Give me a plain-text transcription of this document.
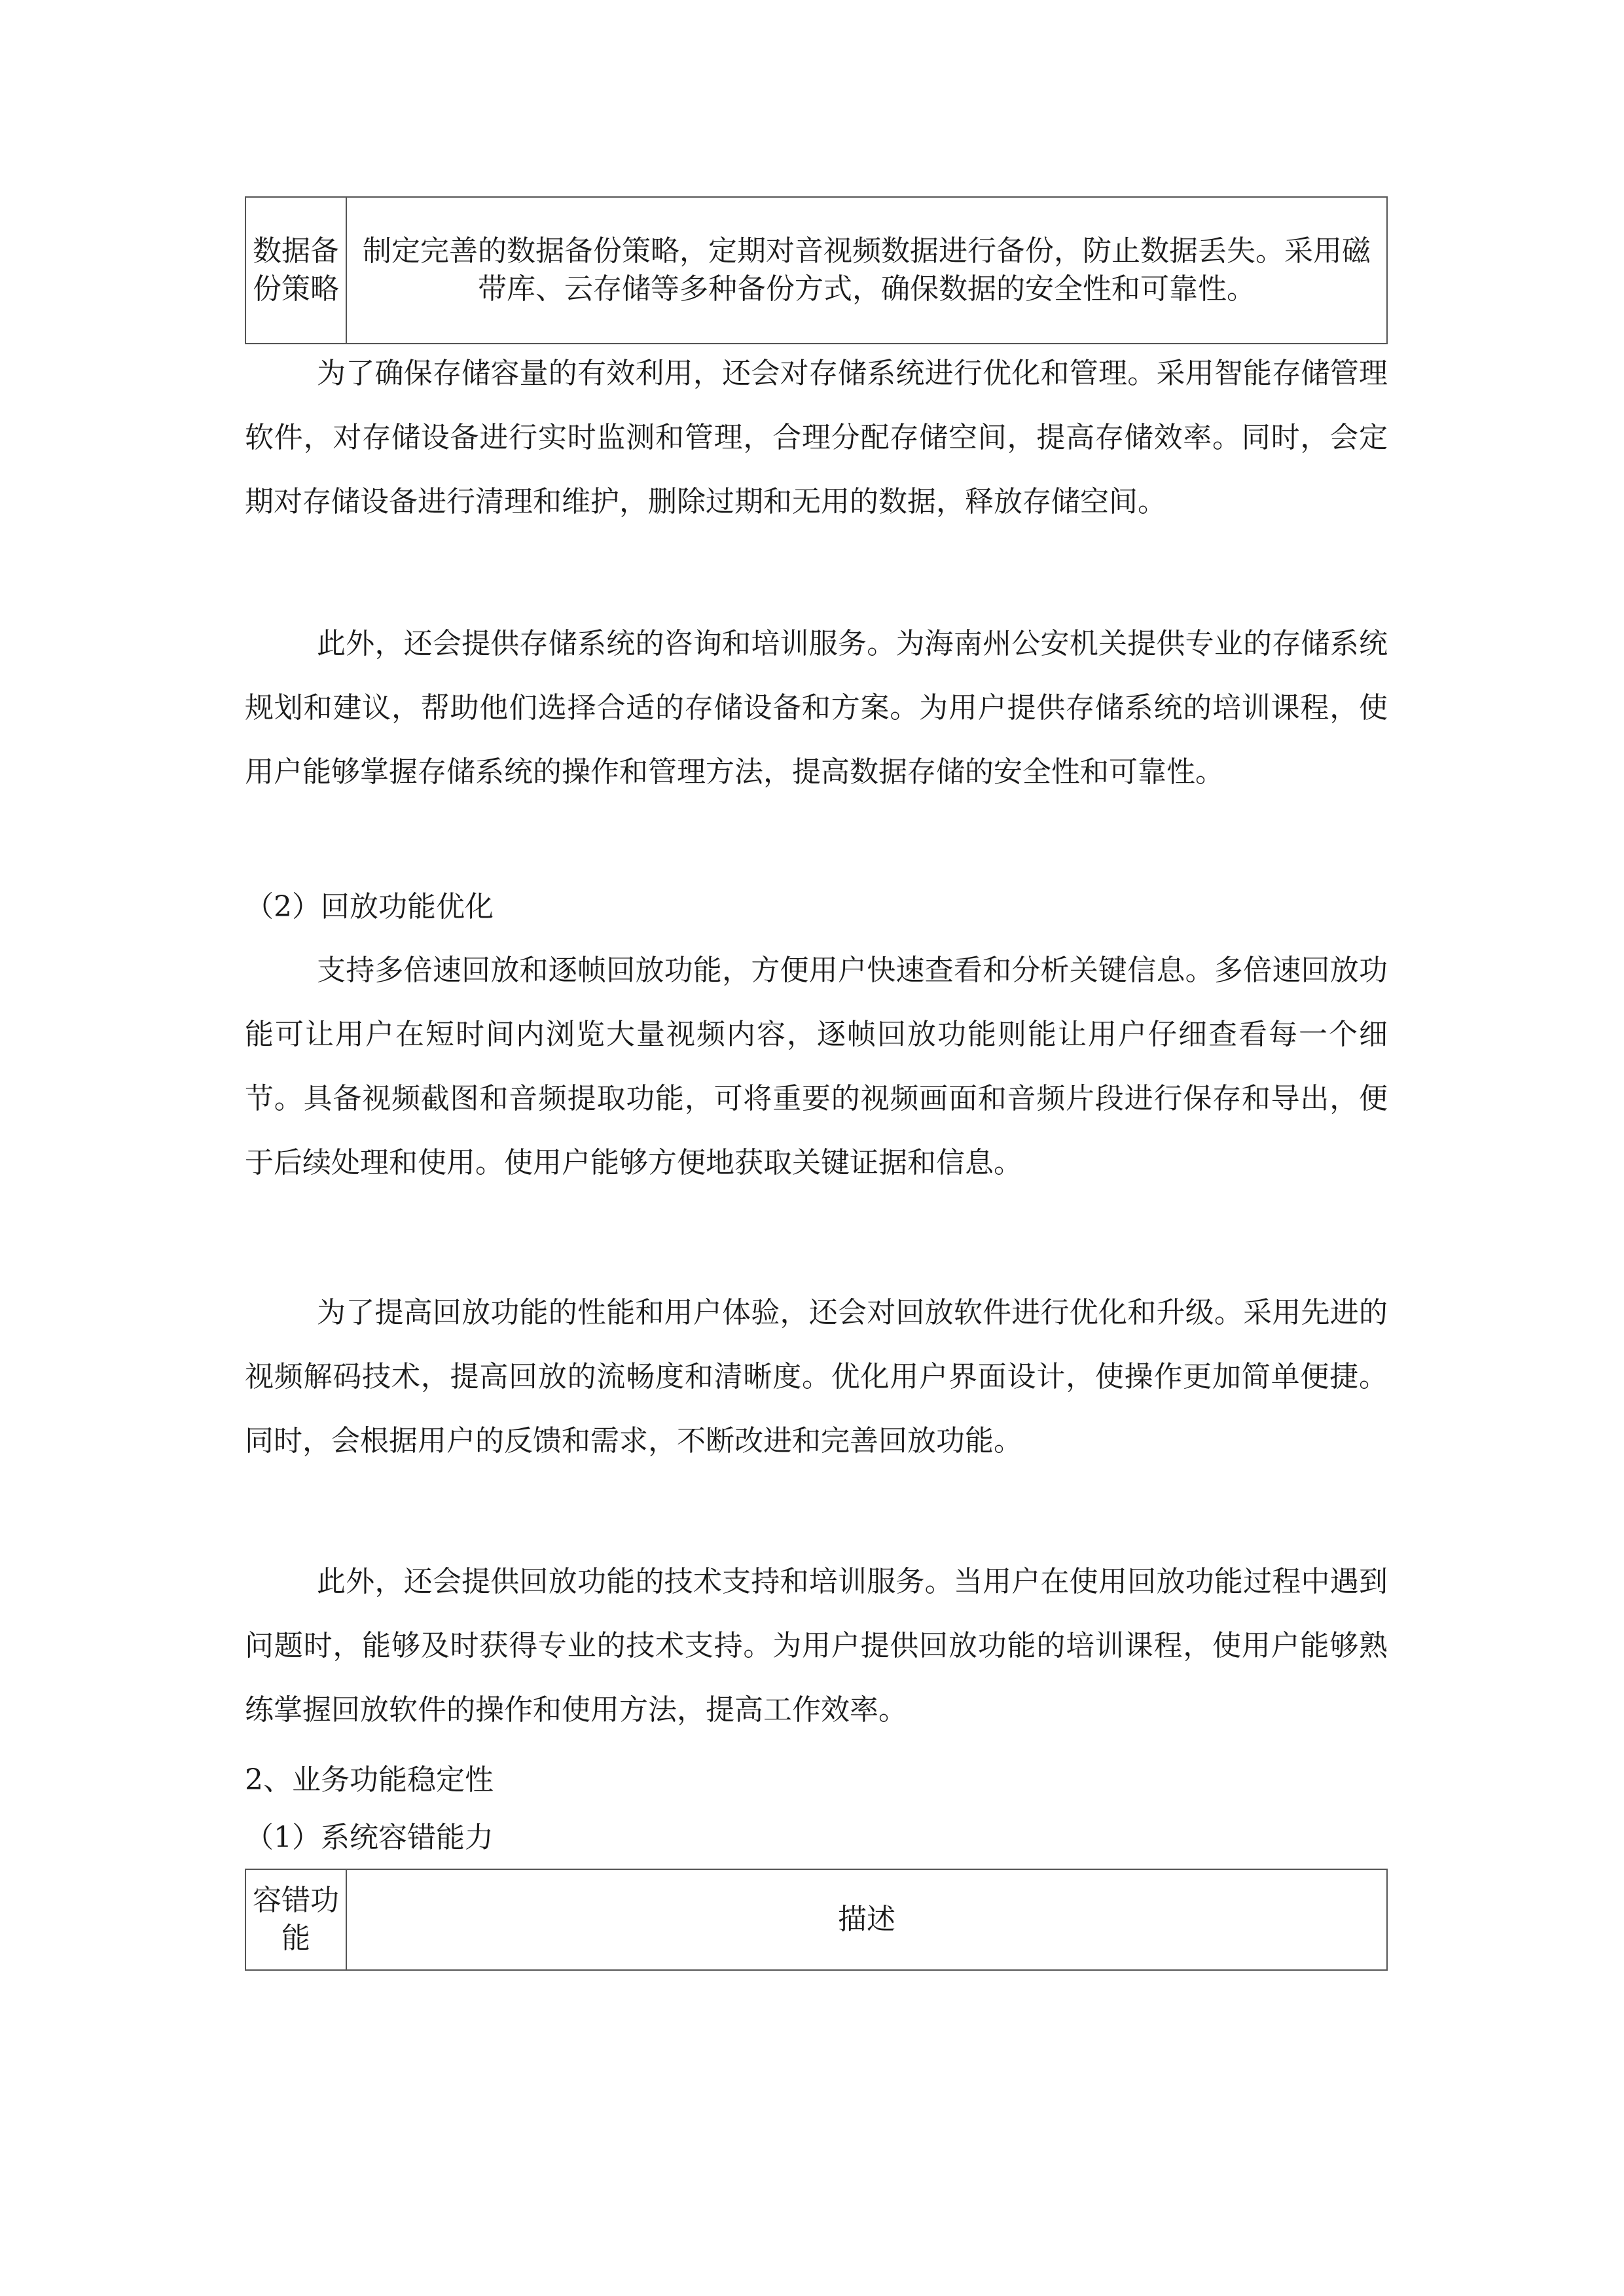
数据备份策略	制定完善的数据备份策略，定期对音视频数据进行备份，防止数据丢失。采用磁带库、云存储等多种备份方式，确保数据的安全性和可靠性。

为了确保存储容量的有效利用，还会对存储系统进行优化和管理。采用智能存储管理软件，对存储设备进行实时监测和管理，合理分配存储空间，提高存储效率。同时，会定期对存储设备进行清理和维护，删除过期和无用的数据，释放存储空间。

此外，还会提供存储系统的咨询和培训服务。为海南州公安机关提供专业的存储系统规划和建议，帮助他们选择合适的存储设备和方案。为用户提供存储系统的培训课程，使用户能够掌握存储系统的操作和管理方法，提高数据存储的安全性和可靠性。

（2）回放功能优化

支持多倍速回放和逐帧回放功能，方便用户快速查看和分析关键信息。多倍速回放功能可让用户在短时间内浏览大量视频内容，逐帧回放功能则能让用户仔细查看每一个细节。具备视频截图和音频提取功能，可将重要的视频画面和音频片段进行保存和导出，便于后续处理和使用。使用户能够方便地获取关键证据和信息。

为了提高回放功能的性能和用户体验，还会对回放软件进行优化和升级。采用先进的视频解码技术，提高回放的流畅度和清晰度。优化用户界面设计，使操作更加简单便捷。同时，会根据用户的反馈和需求，不断改进和完善回放功能。

此外，还会提供回放功能的技术支持和培训服务。当用户在使用回放功能过程中遇到问题时，能够及时获得专业的技术支持。为用户提供回放功能的培训课程，使用户能够熟练掌握回放软件的操作和使用方法，提高工作效率。

2、业务功能稳定性
（1）系统容错能力
容错功能	描述
